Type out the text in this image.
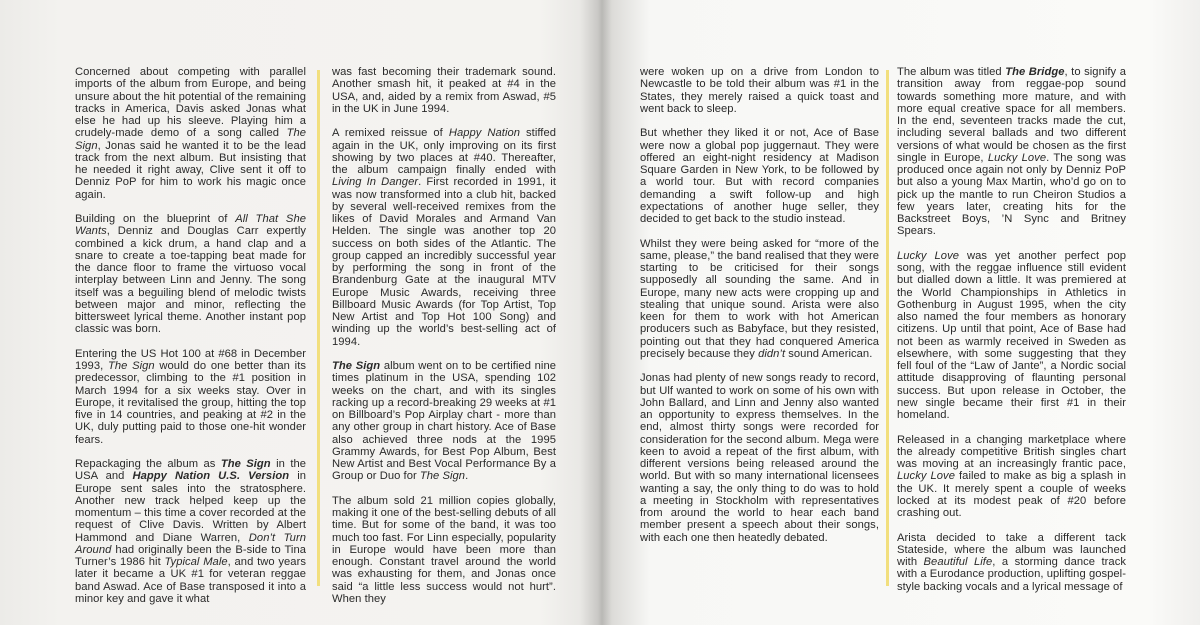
Concerned about competing with parallel imports of the album from Europe, and being unsure about the hit potential of the remaining tracks in America, Davis asked Jonas what else he had up his sleeve. Playing him a crudely-made demo of a song called The Sign, Jonas said he wanted it to be the lead track from the next album. But insisting that he needed it right away, Clive sent it off to Denniz PoP for him to work his magic once again.

Building on the blueprint of All That She Wants, Denniz and Douglas Carr expertly combined a kick drum, a hand clap and a snare to create a toe-tapping beat made for the dance floor to frame the virtuoso vocal interplay between Linn and Jenny. The song itself was a beguiling blend of melodic twists between major and minor, reflecting the bittersweet lyrical theme. Another instant pop classic was born.

Entering the US Hot 100 at #68 in December 1993, The Sign would do one better than its predecessor, climbing to the #1 position in March 1994 for a six weeks stay. Over in Europe, it revitalised the group, hitting the top five in 14 countries, and peaking at #2 in the UK, duly putting paid to those one-hit wonder fears.

Repackaging the album as The Sign in the USA and Happy Nation U.S. Version in Europe sent sales into the stratosphere. Another new track helped keep up the momentum – this time a cover recorded at the request of Clive Davis. Written by Albert Hammond and Diane Warren, Don’t Turn Around had originally been the B-side to Tina Turner’s 1986 hit Typical Male, and two years later it became a UK #1 for veteran reggae band Aswad. Ace of Base transposed it into a minor key and gave it what

was fast becoming their trademark sound. Another smash hit, it peaked at #4 in the USA, and, aided by a remix from Aswad, #5 in the UK in June 1994.

A remixed reissue of Happy Nation stiffed again in the UK, only improving on its first showing by two places at #40. Thereafter, the album campaign finally ended with Living In Danger. First recorded in 1991, it was now transformed into a club hit, backed by several well-received remixes from the likes of David Morales and Armand Van Helden. The single was another top 20 success on both sides of the Atlantic. The group capped an incredibly successful year by performing the song in front of the Brandenburg Gate at the inaugural MTV Europe Music Awards, receiving three Billboard Music Awards (for Top Artist, Top New Artist and Top Hot 100 Song) and winding up the world’s best-selling act of 1994.

The Sign album went on to be certified nine times platinum in the USA, spending 102 weeks on the chart, and with its singles racking up a record-breaking 29 weeks at #1 on Billboard’s Pop Airplay chart - more than any other group in chart history. Ace of Base also achieved three nods at the 1995 Grammy Awards, for Best Pop Album, Best New Artist and Best Vocal Performance By a Group or Duo for The Sign.

The album sold 21 million copies globally, making it one of the best-selling debuts of all time. But for some of the band, it was too much too fast. For Linn especially, popularity in Europe would have been more than enough. Constant travel around the world was exhausting for them, and Jonas once said “a little less success would not hurt”. When they

were woken up on a drive from London to Newcastle to be told their album was #1 in the States, they merely raised a quick toast and went back to sleep.

But whether they liked it or not, Ace of Base were now a global pop juggernaut. They were offered an eight-night residency at Madison Square Garden in New York, to be followed by a world tour. But with record companies demanding a swift follow-up and high expectations of another huge seller, they decided to get back to the studio instead.

Whilst they were being asked for “more of the same, please,” the band realised that they were starting to be criticised for their songs supposedly all sounding the same. And in Europe, many new acts were cropping up and stealing that unique sound. Arista were also keen for them to work with hot American producers such as Babyface, but they resisted, pointing out that they had conquered America precisely because they didn’t sound American.

Jonas had plenty of new songs ready to record, but Ulf wanted to work on some of his own with John Ballard, and Linn and Jenny also wanted an opportunity to express themselves. In the end, almost thirty songs were recorded for consideration for the second album. Mega were keen to avoid a repeat of the first album, with different versions being released around the world. But with so many international licensees wanting a say, the only thing to do was to hold a meeting in Stockholm with representatives from around the world to hear each band member present a speech about their songs, with each one then heatedly debated.

The album was titled The Bridge, to signify a transition away from reggae-pop sound towards something more mature, and with more equal creative space for all members. In the end, seventeen tracks made the cut, including several ballads and two different versions of what would be chosen as the first single in Europe, Lucky Love. The song was produced once again not only by Denniz PoP but also a young Max Martin, who’d go on to pick up the mantle to run Cheiron Studios a few years later, creating hits for the Backstreet Boys, ’N Sync and Britney Spears.

Lucky Love was yet another perfect pop song, with the reggae influence still evident but dialled down a little. It was premiered at the World Championships in Athletics in Gothenburg in August 1995, when the city also named the four members as honorary citizens. Up until that point, Ace of Base had not been as warmly received in Sweden as elsewhere, with some suggesting that they fell foul of the “Law of Jante”, a Nordic social attitude disapproving of flaunting personal success. But upon release in October, the new single became their first #1 in their homeland.

Released in a changing marketplace where the already competitive British singles chart was moving at an increasingly frantic pace, Lucky Love failed to make as big a splash in the UK. It merely spent a couple of weeks locked at its modest peak of #20 before crashing out.

Arista decided to take a different tack Stateside, where the album was launched with Beautiful Life, a storming dance track with a Eurodance production, uplifting gospel-style backing vocals and a lyrical message of
